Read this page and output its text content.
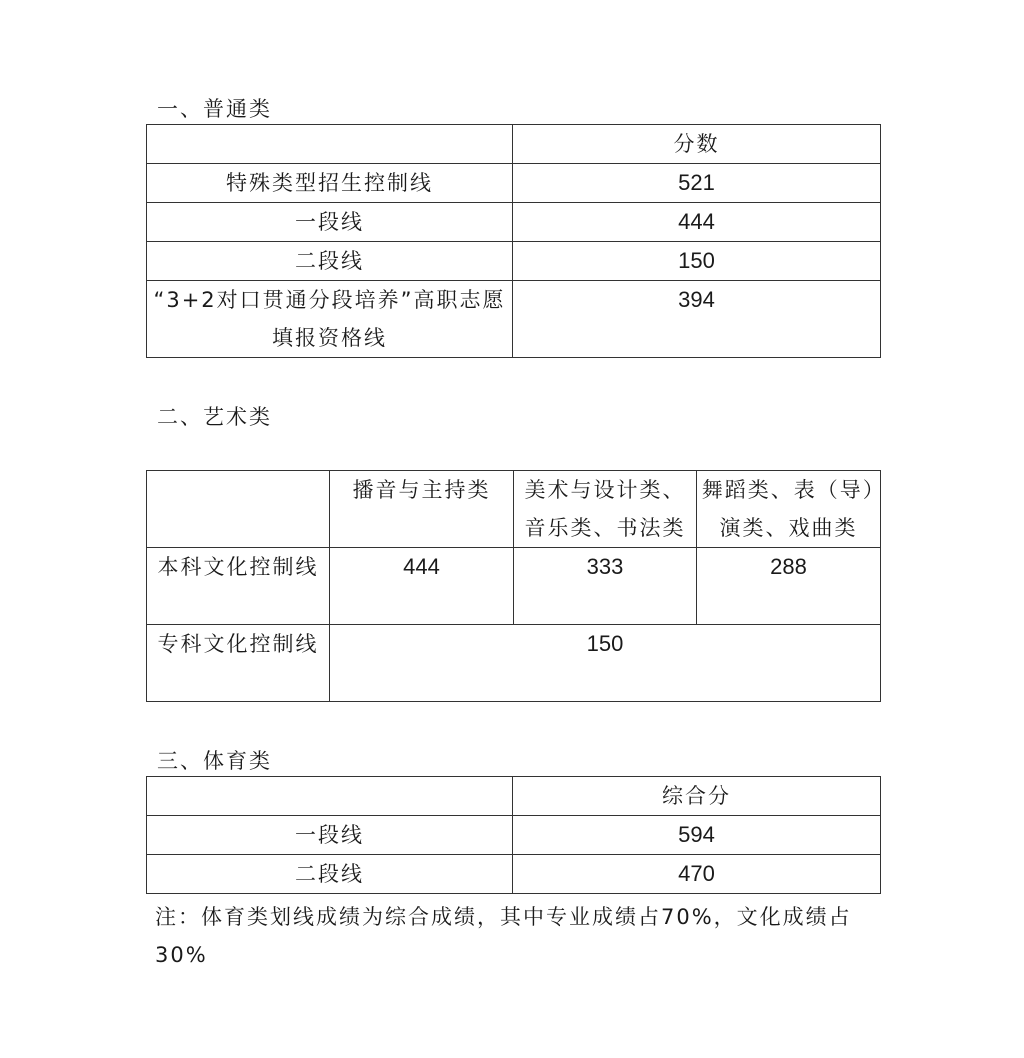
一、普通类
	分数
特殊类型招生控制线	521
一段线	444
二段线	150
“3+2对口贯通分段培养”高职志愿填报资格线	394
二、艺术类
	播音与主持类	美术与设计类、音乐类、书法类	舞蹈类、表（导）演类、戏曲类
本科文化控制线	444	333	288
专科文化控制线	150		
三、体育类
	综合分
一段线	594
二段线	470

注：体育类划线成绩为综合成绩，其中专业成绩占70%，文化成绩占30%
